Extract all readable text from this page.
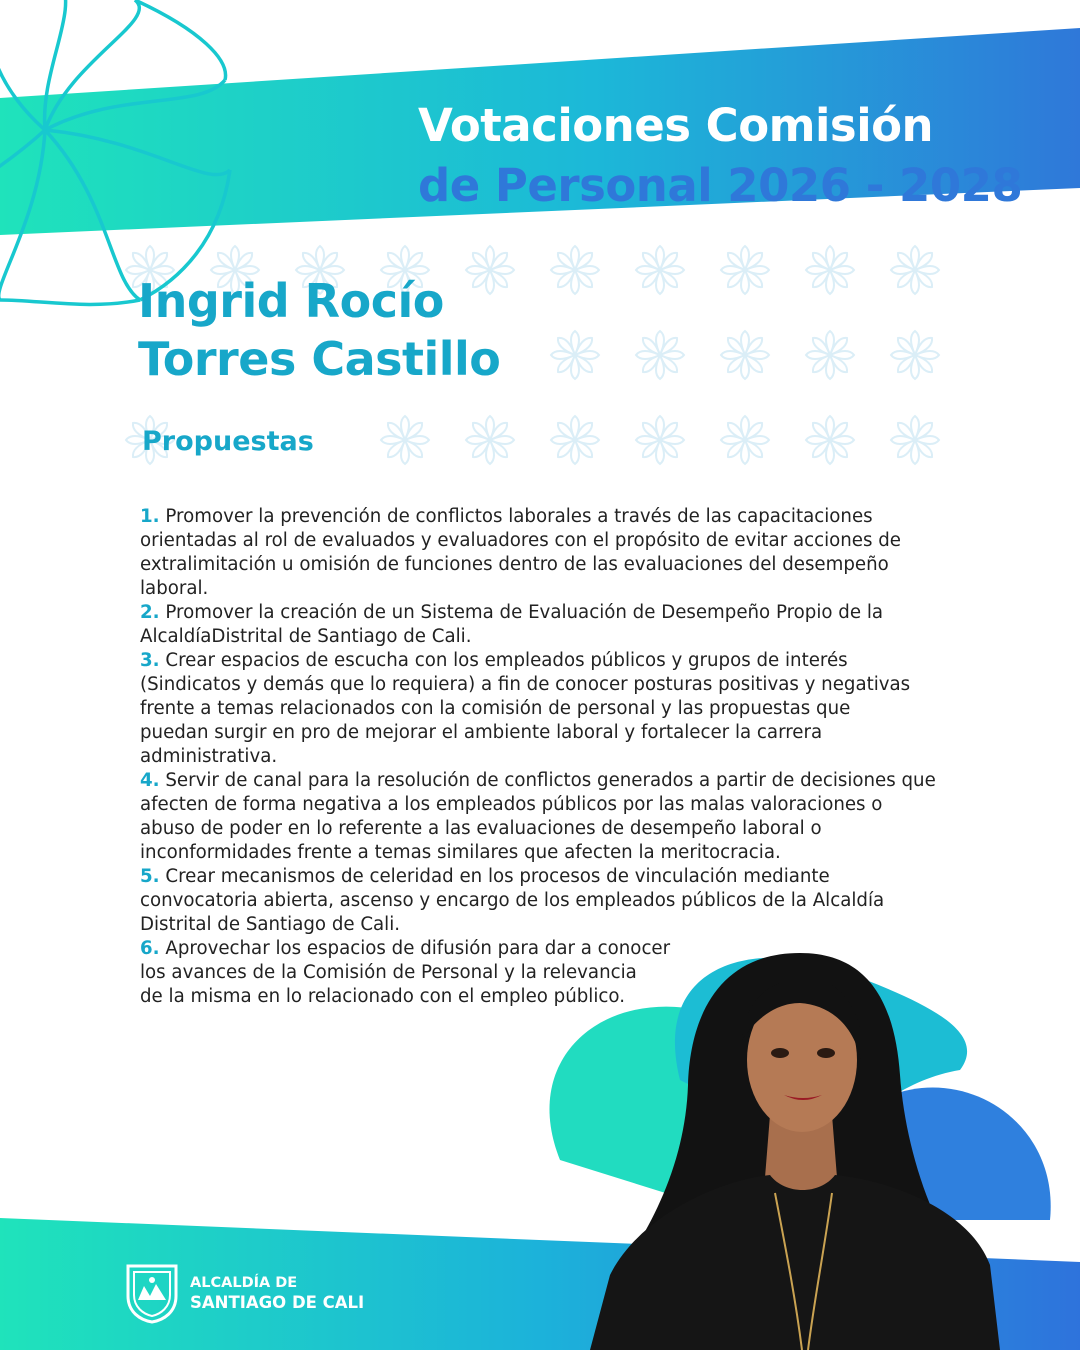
Votaciones Comisión
de Personal 2026 - 2028
Ingrid Rocío
Torres Castillo
Propuestas
1. Promover la prevención de conflictos laborales a través de las capacitaciones
orientadas al rol de evaluados y evaluadores con el propósito de evitar acciones de
extralimitación u omisión de funciones dentro de las evaluaciones del desempeño
laboral.
2. Promover la creación de un Sistema de Evaluación de Desempeño Propio de la
AlcaldíaDistrital de Santiago de Cali.
3. Crear espacios de escucha con los empleados públicos y grupos de interés
(Sindicatos y demás que lo requiera) a fin de conocer posturas positivas y negativas
frente a temas relacionados con la comisión de personal y las propuestas que
puedan surgir en pro de mejorar el ambiente laboral y fortalecer la carrera
administrativa.
4. Servir de canal para la resolución de conflictos generados a partir de decisiones que
afecten de forma negativa a los empleados públicos por las malas valoraciones o
abuso de poder en lo referente a las evaluaciones de desempeño laboral o
inconformidades frente a temas similares que afecten la meritocracia.
5. Crear mecanismos de celeridad en los procesos de vinculación mediante
convocatoria abierta, ascenso y encargo de los empleados públicos de la Alcaldía
Distrital de Santiago de Cali.
6. Aprovechar los espacios de difusión para dar a conocer
los avances de la Comisión de Personal y la relevancia
de la misma en lo relacionado con el empleo público.
ALCALDÍA DE
SANTIAGO DE CALI
